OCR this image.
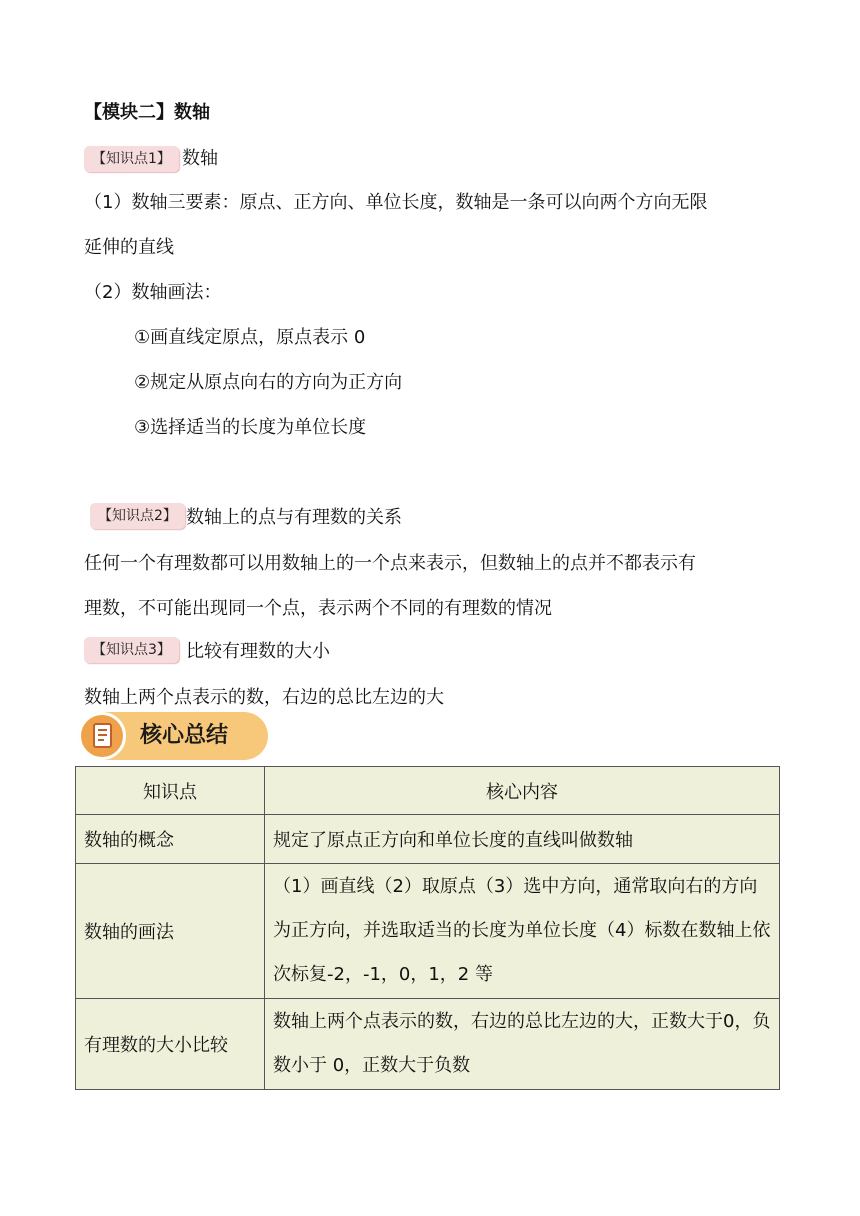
【模块二】数轴
【知识点1】 数轴
（1）数轴三要素：原点、正方向、单位长度，数轴是一条可以向两个方向无限
延伸的直线
（2）数轴画法：
①画直线定原点，原点表示 0
②规定从原点向右的方向为正方向
③选择适当的长度为单位长度
【知识点2】 数轴上的点与有理数的关系
任何一个有理数都可以用数轴上的一个点来表示，但数轴上的点并不都表示有
理数，不可能出现同一个点，表示两个不同的有理数的情况
【知识点3】 比较有理数的大小
数轴上两个点表示的数，右边的总比左边的大
核心总结
知识点	核心内容
数轴的概念	规定了原点正方向和单位长度的直线叫做数轴
数轴的画法	（1）画直线（2）取原点（3）选中方向，通常取向右的方向为正方向，并选取适当的长度为单位长度（4）标数在数轴上依次标复-2，-1，0，1，2 等
有理数的大小比较	数轴上两个点表示的数，右边的总比左边的大，正数大于0，负数小于 0，正数大于负数
